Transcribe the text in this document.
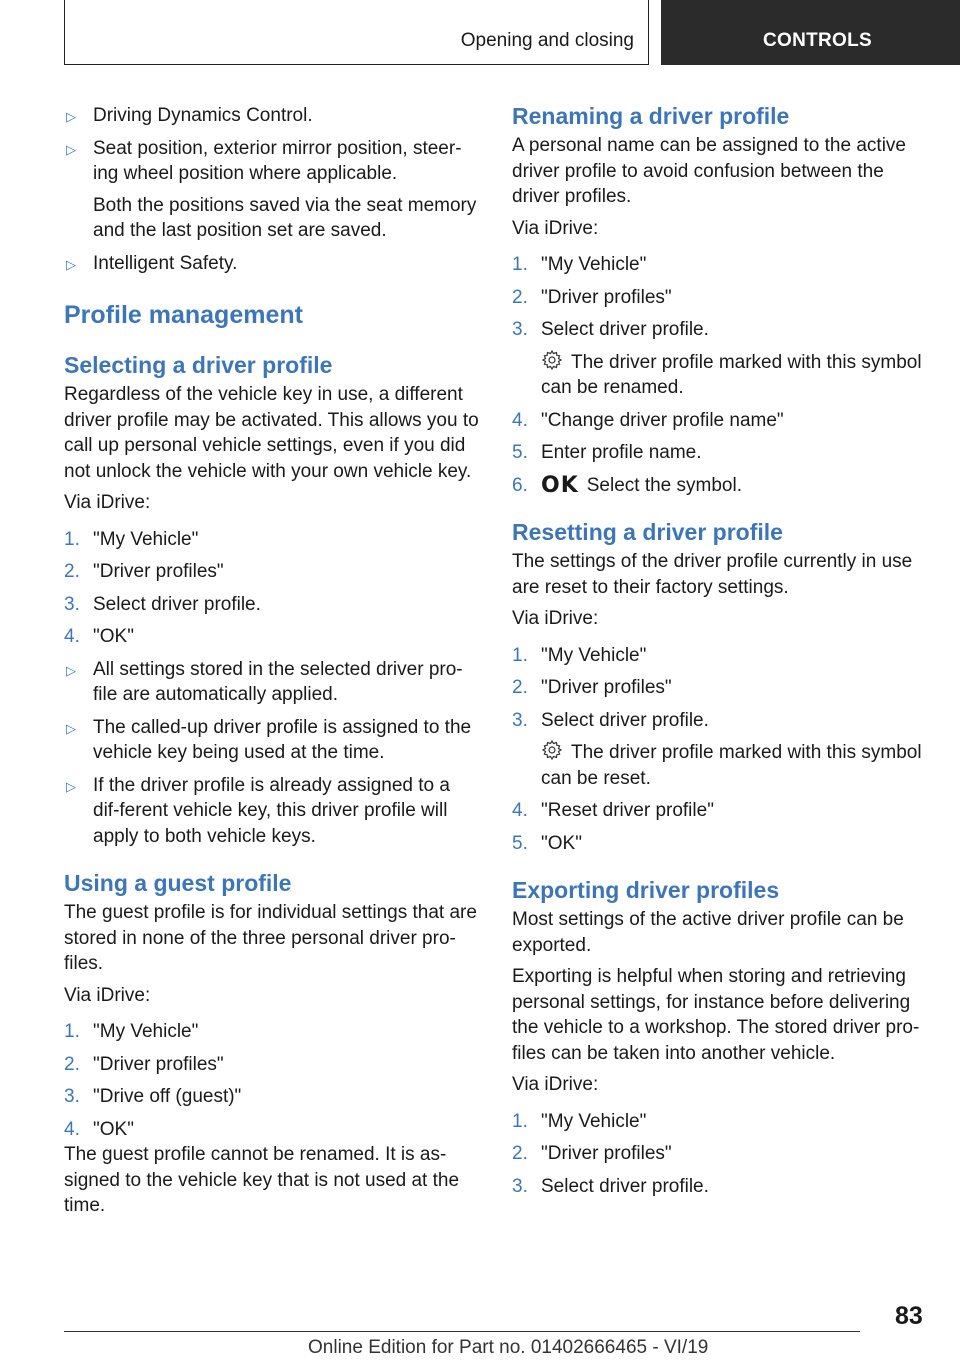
Opening and closing	CONTROLS
▷ Driving Dynamics Control.
▷ Seat position, exterior mirror position, steer‐ing wheel position where applicable.

Both the positions saved via the seat memory and the last position set are saved.

▷ Intelligent Safety.
Profile management
Selecting a driver profile

Regardless of the vehicle key in use, a different driver profile may be activated. This allows you to call up personal vehicle settings, even if you did not unlock the vehicle with your own vehicle key.

Via iDrive:

1. "My Vehicle"
2. "Driver profiles"
3. Select driver profile.
4. "OK"
▷ All settings stored in the selected driver pro‐file are automatically applied.
▷ The called-up driver profile is assigned to the vehicle key being used at the time.
▷ If the driver profile is already assigned to a dif‐ferent vehicle key, this driver profile will apply to both vehicle keys.
Using a guest profile

The guest profile is for individual settings that are stored in none of the three personal driver pro‐files.

Via iDrive:

1. "My Vehicle"
2. "Driver profiles"
3. "Drive off (guest)"
4. "OK"

The guest profile cannot be renamed. It is as‐signed to the vehicle key that is not used at the time.

Renaming a driver profile

A personal name can be assigned to the active driver profile to avoid confusion between the driver profiles.

Via iDrive:

1. "My Vehicle"
2. "Driver profiles"
3. Select driver profile.

The driver profile marked with this symbol can be renamed.

4. "Change driver profile name"
5. Enter profile name.
6. OK Select the symbol.
Resetting a driver profile

The settings of the driver profile currently in use are reset to their factory settings.

Via iDrive:

1. "My Vehicle"
2. "Driver profiles"
3. Select driver profile.

The driver profile marked with this symbol can be reset.

4. "Reset driver profile"
5. "OK"
Exporting driver profiles

Most settings of the active driver profile can be exported.

Exporting is helpful when storing and retrieving personal settings, for instance before delivering the vehicle to a workshop. The stored driver pro‐files can be taken into another vehicle.

Via iDrive:

1. "My Vehicle"
2. "Driver profiles"
3. Select driver profile.
83
Online Edition for Part no. 01402666465 - VI/19
